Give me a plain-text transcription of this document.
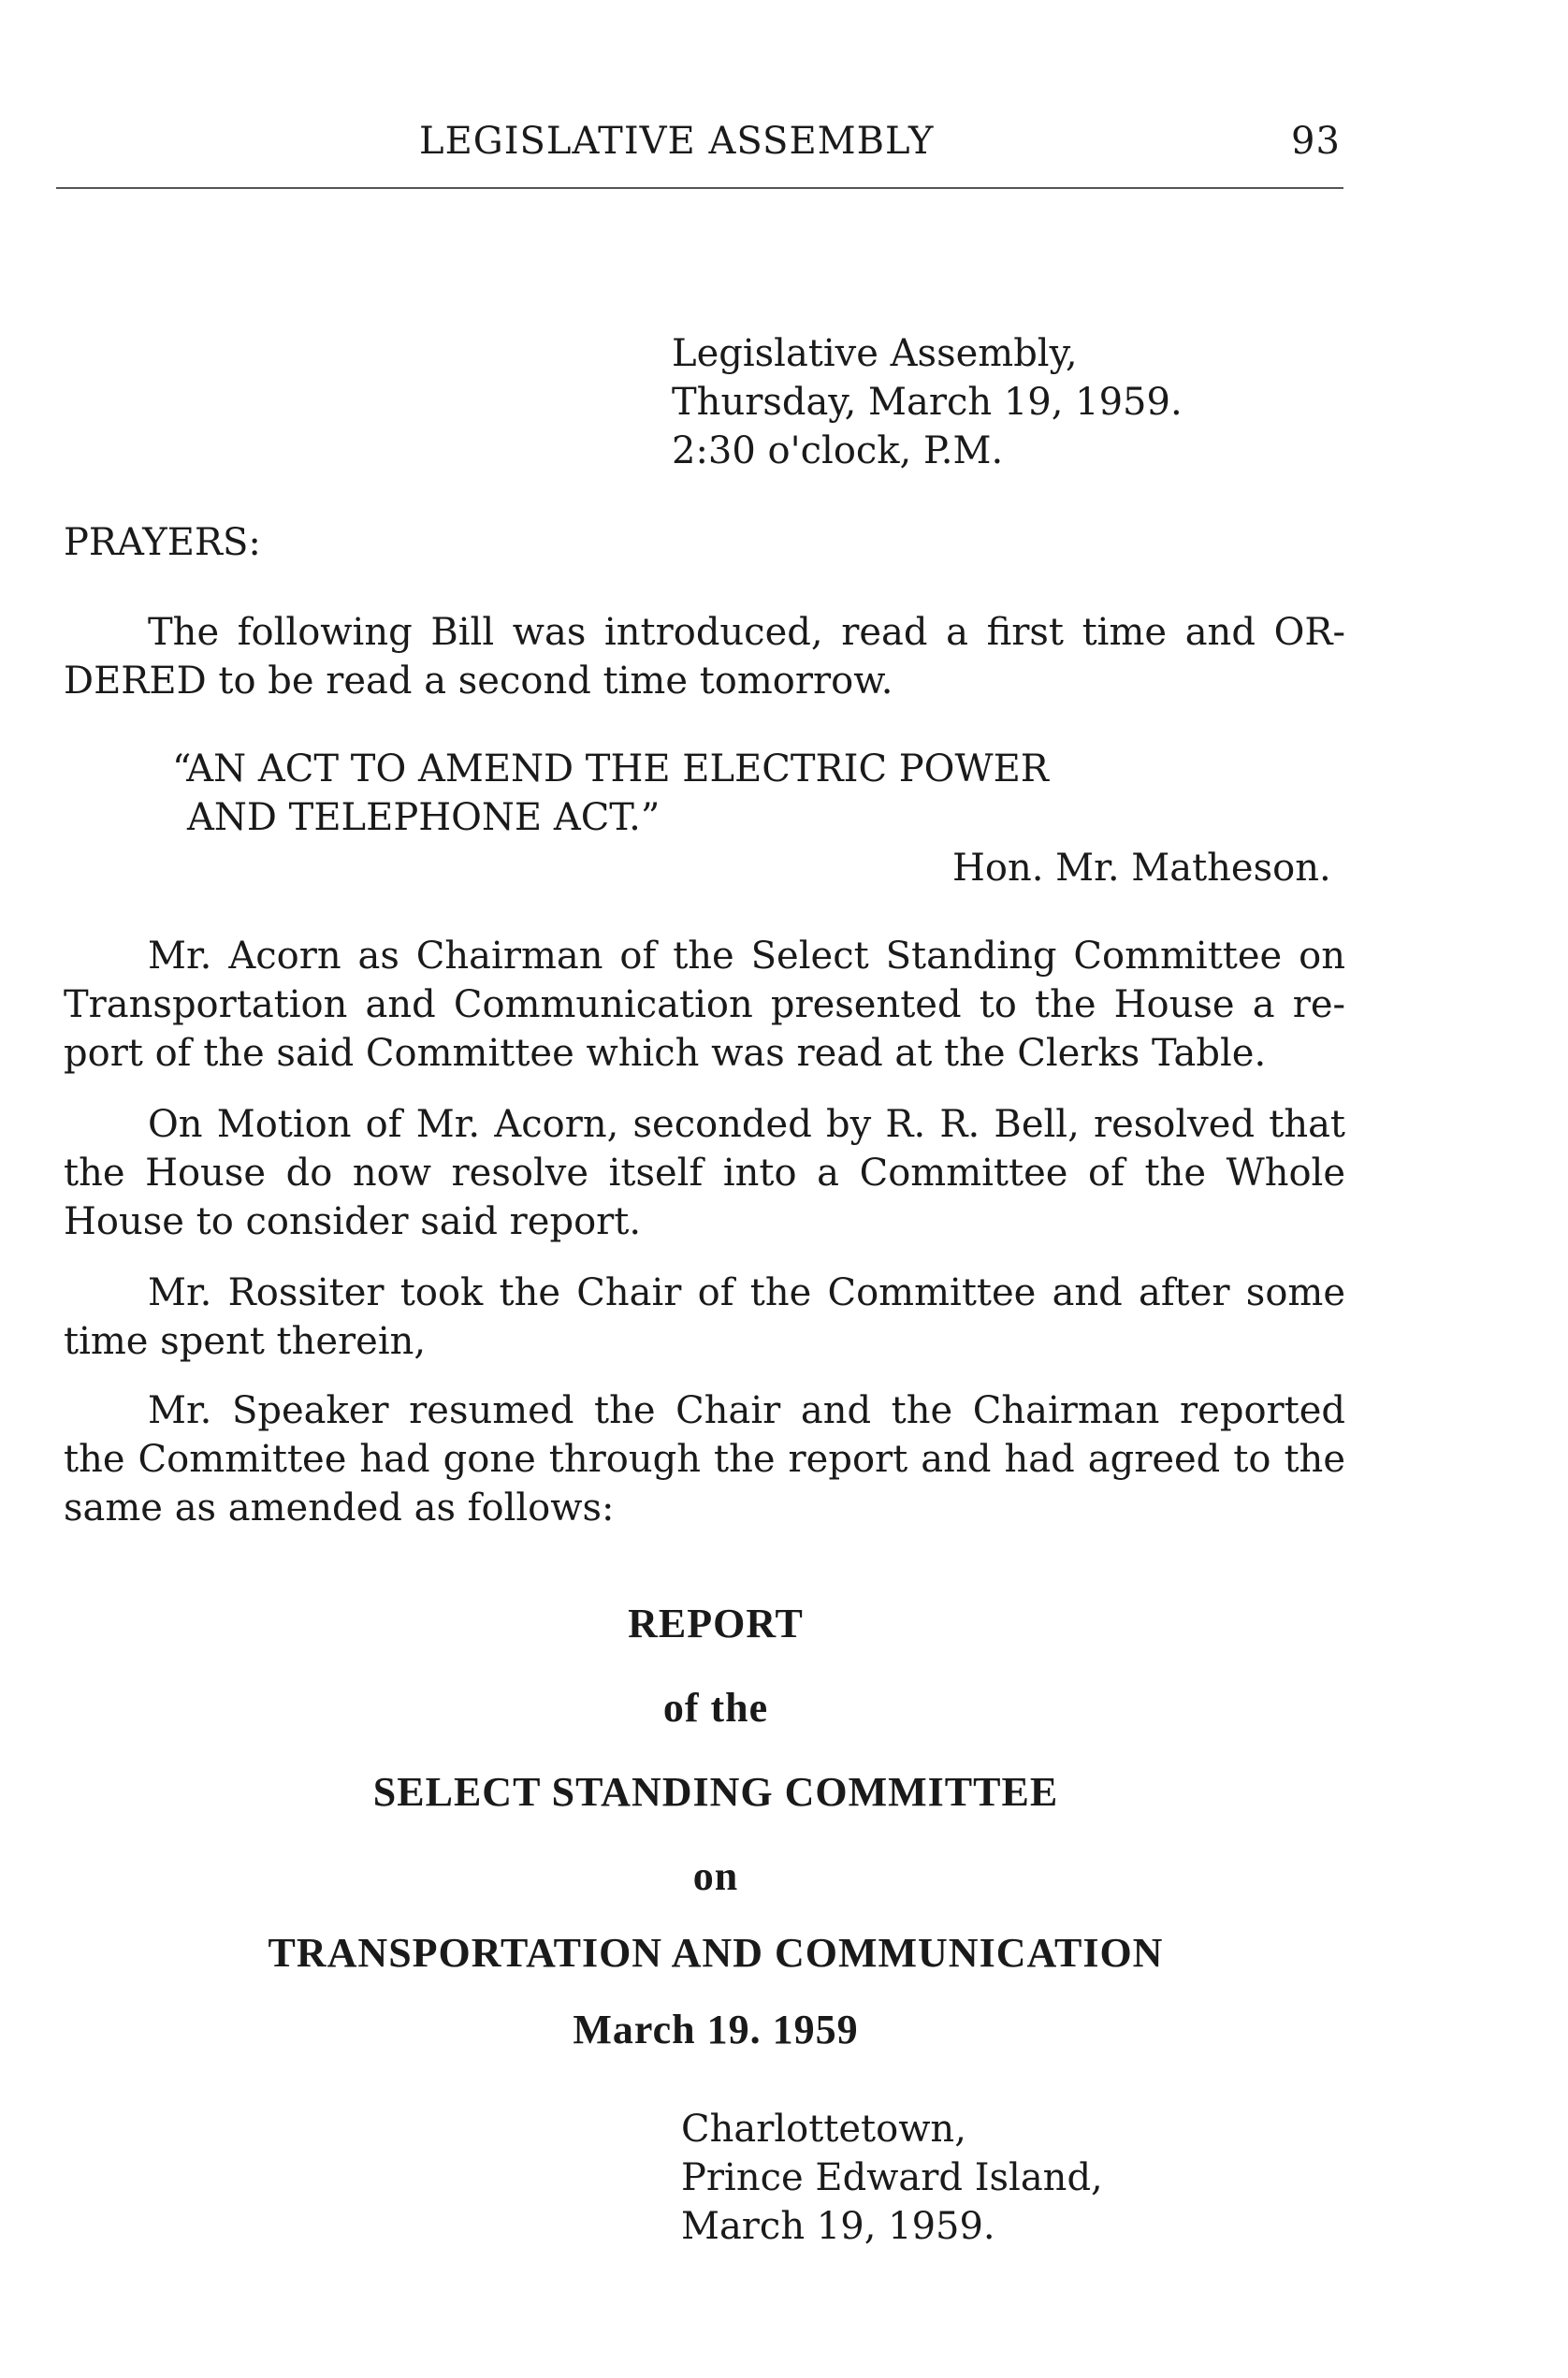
LEGISLATIVE ASSEMBLY	93
Legislative Assembly,
Thursday, March 19, 1959.
2:30 o'clock, P.M.
PRAYERS:
The following Bill was introduced, read a first time and OR-
DERED to be read a second time tomorrow.
“AN ACT TO AMEND THE ELECTRIC POWER
AND TELEPHONE ACT.”
Hon. Mr. Matheson.
Mr. Acorn as Chairman of the Select Standing Committee on
Transportation and Communication presented to the House a re-
port of the said Committee which was read at the Clerks Table.
On Motion of Mr. Acorn, seconded by R. R. Bell, resolved that
the House do now resolve itself into a Committee of the Whole
House to consider said report.
Mr. Rossiter took the Chair of the Committee and after some
time spent therein,
Mr. Speaker resumed the Chair and the Chairman reported
the Committee had gone through the report and had agreed to the
same as amended as follows:
REPORT
of the
SELECT STANDING COMMITTEE
on
TRANSPORTATION AND COMMUNICATION
March 19. 1959
Charlottetown,
Prince Edward Island,
March 19, 1959.
